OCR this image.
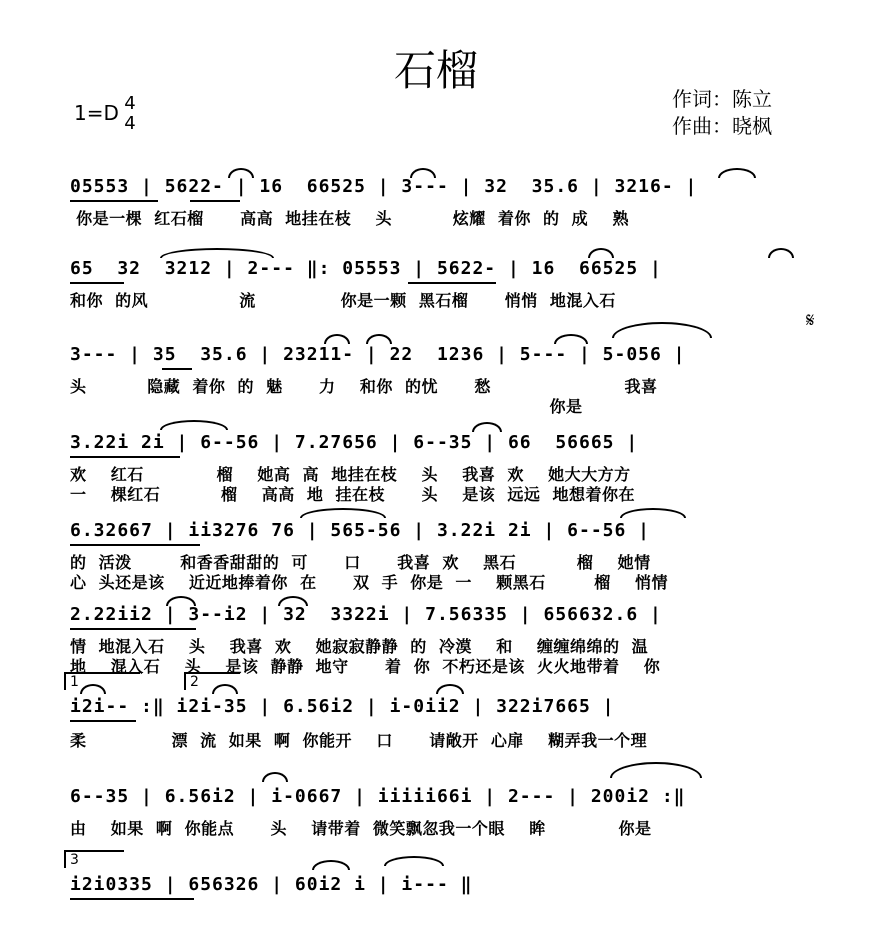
石榴
1=D 4
4
作词：陈立
作曲：晓枫
𝄋
05553 | 5622- | 16  66525 | 3--- | 32  35.6 | 3216- |
你是一棵  红石榴      高高  地挂在枝    头          炫耀  着你  的  成    熟
65  32  3212 | 2--- ‖: 05553 | 5622- | 16  66525 |
和你  的风               流              你是一颗  黑石榴      悄悄  地混入石
3--- | 35  35.6 | 23211- | 22  1236 | 5--- | 5-056 |
头          隐藏  着你  的  魅      力    和你  的忧      愁                      我喜
你是
3.22i 2i | 6--56 | 7.27656 | 6--35 | 66  56665 |
欢    红石            榴    她高  高  地挂在枝    头    我喜  欢    她大大方方
一    棵红石          榴    高高  地  挂在枝      头    是该  远远  地想着你在
6.32667 | ii3276 76 | 565-56 | 3.22i 2i | 6--56 |
的  活泼        和香香甜甜的  可      口      我喜  欢    黑石          榴    她情
心  头还是该    近近地捧着你  在      双  手  你是  一    颗黑石        榴    悄情
2.22ii2 | 3--i2 | 32  3322i | 7.56335 | 656632.6 |
情  地混入石    头    我喜  欢    她寂寂静静  的  冷漠    和    缠缠绵绵的  温
地    混入石    头    是该  静静  地守      着  你  不朽还是该  火火地带着    你
1	2
i2i-- :‖ i2i-35 | 6.56i2 | i-0ii2 | 322i7665 |
柔              漂  流  如果  啊  你能开    口      请敞开  心扉    糊弄我一个理
6--35 | 6.56i2 | i-0667 | iiiii66i | 2--- | 200i2 :‖
由    如果  啊  你能点      头    请带着  微笑飘忽我一个眼    眸            你是
3
i2i0335 | 656326 | 60i2 i | i--- ‖
